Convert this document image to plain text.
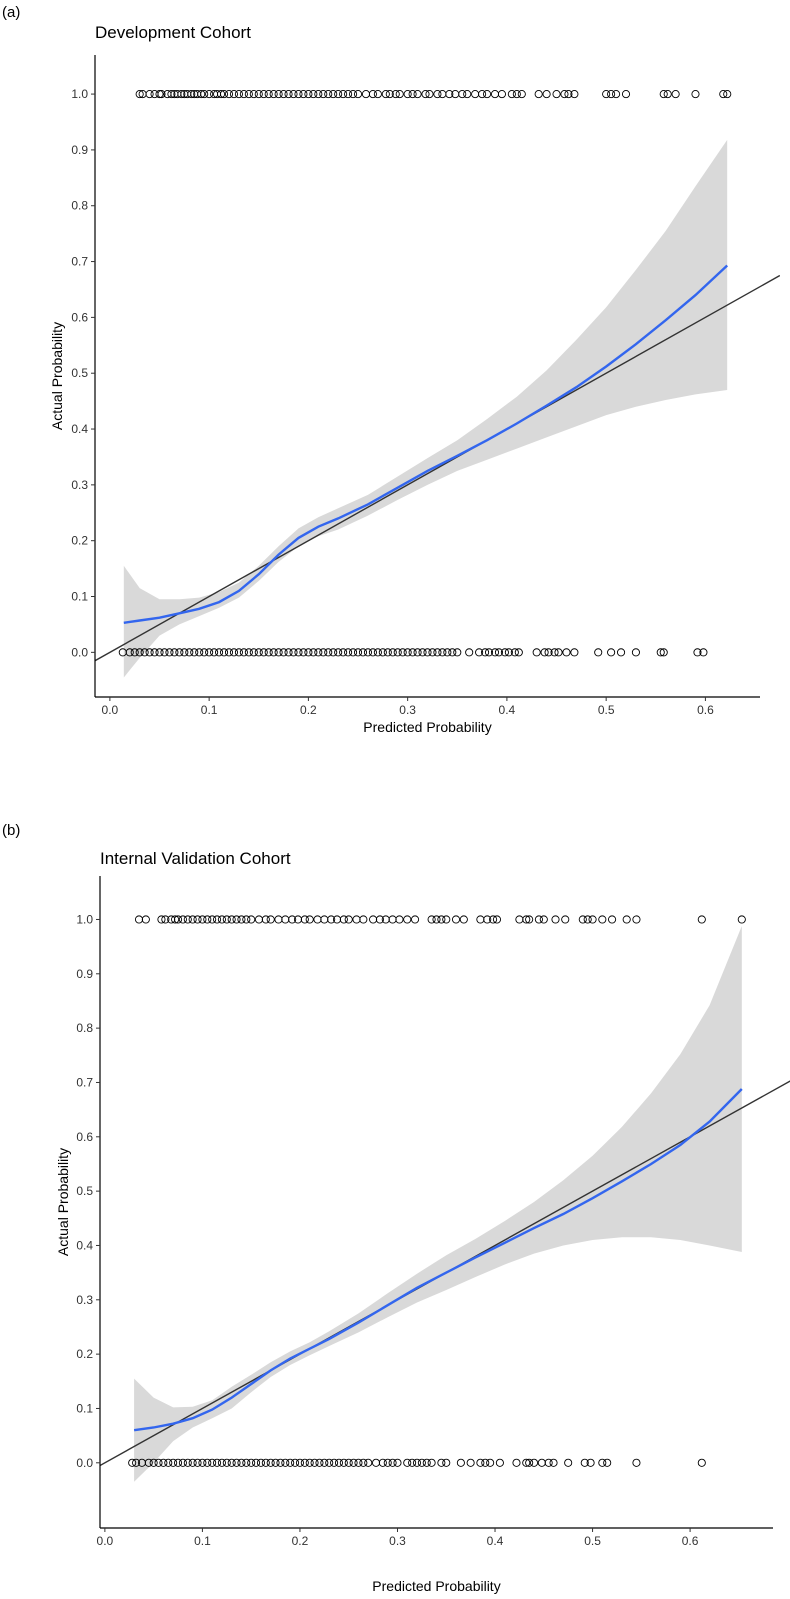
(a)
Development Cohort
0.0
0.1
0.2
0.3
0.4
0.5
0.6
0.7
0.8
0.9
1.0
0.0	0.1	0.2	0.3	0.4	0.5	0.6
Predicted Probability
Actual Probability
(b)
Internal Validation Cohort
0.0
0.1
0.2
0.3
0.4
0.5
0.6
0.7
0.8
0.9
1.0
0.0	0.1	0.2	0.3	0.4	0.5	0.6
Predicted Probability
Actual Probability
